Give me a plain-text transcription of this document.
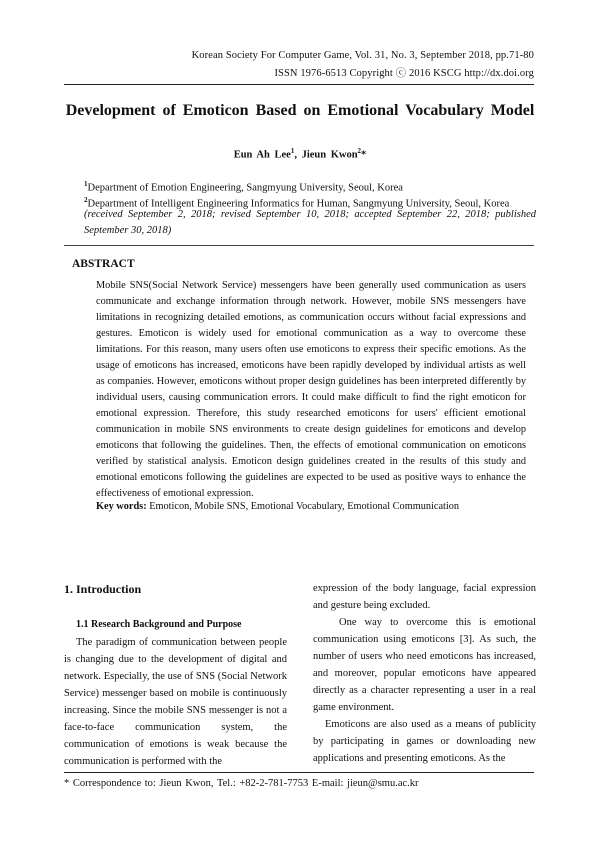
Korean Society For Computer Game, Vol. 31, No. 3, September 2018, pp.71-80
ISSN 1976-6513 Copyright ⓒ 2016 KSCG http://dx.doi.org
Development of Emoticon Based on Emotional Vocabulary Model
Eun Ah Lee$^1$, Jieun Kwon$^2$*
$^1$Department of Emotion Engineering, Sangmyung University, Seoul, Korea
$^2$Department of Intelligent Engineering Informatics for Human, Sangmyung University, Seoul, Korea
(received September 2, 2018; revised September 10, 2018; accepted September 22, 2018; published September 30, 2018)
ABSTRACT

Mobile SNS(Social Network Service) messengers have been generally used communication as users communicate and exchange information through network. However, mobile SNS messengers have limitations in recognizing detailed emotions, as communication occurs without facial expressions and gestures. Emoticon is widely used for emotional communication as a way to overcome these limitations. For this reason, many users often use emoticons to express their specific emotions. As the usage of emoticons has increased, emoticons have been rapidly developed by individual artists as well as companies. However, emoticons without proper design guidelines has been interpreted differently by individual users, causing communication errors. It could make difficult to find the right emoticon for emotional expression. Therefore, this study researched emoticons for users' efficient emotional communication in mobile SNS environments to create design guidelines for emoticons and develop emoticons that following the guidelines. Then, the effects of emotional communication on emoticons verified by statistical analysis. Emoticon design guidelines created in the results of this study and emotional emoticons following the guidelines are expected to be used as positive ways to enhance the effectiveness of emotional expression.

Key words: Emoticon, Mobile SNS, Emotional Vocabulary, Emotional Communication
1. Introduction
1.1 Research Background and Purpose

The paradigm of communication between people is changing due to the development of digital and network. Especially, the use of SNS (Social Network Service) messenger based on mobile is continuously increasing. Since the mobile SNS messenger is not a face-to-face communication system, the communication of emotions is weak because the communication is performed with the

expression of the body language, facial expression and gesture being excluded.

One way to overcome this is emotional communication using emoticons [3]. As such, the number of users who need emoticons has increased, and moreover, popular emoticons have appeared directly as a character representing a user in a real game environment.

Emoticons are also used as a means of publicity by participating in games or downloading new applications and presenting emoticons. As the

* Correspondence to: Jieun Kwon, Tel.: +82-2-781-7753 E-mail: jieun@smu.ac.kr
